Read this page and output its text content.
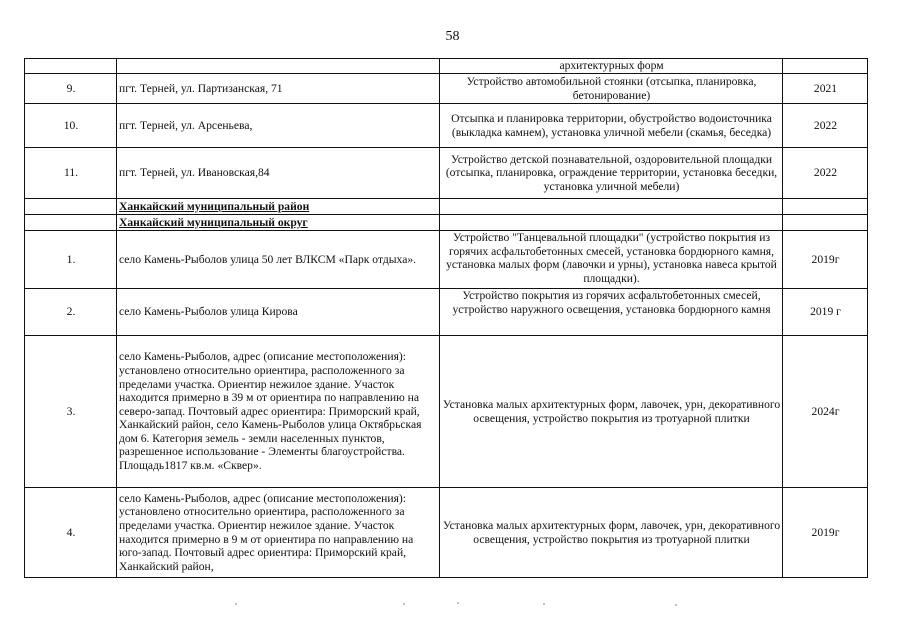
58
		архитектурных форм	
9.	пгт. Терней, ул. Партизанская, 71	Устройство автомобильной стоянки (отсыпка, планировка, бетонирование)	2021
10.	пгт. Терней, ул. Арсеньева,	Отсыпка и планировка территории, обустройство водоисточника (выкладка камнем), установка уличной мебели (скамья, беседка)	2022
11.	пгт. Терней, ул. Ивановская,84	Устройство детской познавательной, оздоровительной площадки (отсыпка, планировка, ограждение территории, установка беседки, установка уличной мебели)	2022
	Ханкайский муниципальный район		
	Ханкайский муниципальный округ		
1.	село Камень-Рыболов улица 50 лет ВЛКСМ «Парк отдыха».	Устройство "Танцевальной площадки" (устройство покрытия из горячих асфальтобетонных смесей, установка бордюрного камня, установка малых форм (лавочки и урны), установка навеса крытой площадки).	2019г
2.	село Камень-Рыболов улица Кирова	Устройство покрытия из горячих асфальтобетонных смесей, устройство наружного освещения, установка бордюрного камня	2019 г
3.	село Камень-Рыболов, адрес (описание местоположения): установлено относительно ориентира, расположенного за пределами участка. Ориентир нежилое здание. Участок находится примерно в 39 м от ориентира по направлению на северо-запад. Почтовый адрес ориентира: Приморский край, Ханкайский район, село Камень-Рыболов улица Октябрьская дом 6. Категория земель - земли населенных пунктов, разрешенное использование - Элементы благоустройства. Площадь1817 кв.м. «Сквер».	Установка малых архитектурных форм, лавочек, урн, декоративного освещения, устройство покрытия из тротуарной плитки	2024г
4.	село Камень-Рыболов, адрес (описание местоположения): установлено относительно ориентира, расположенного за пределами участка. Ориентир нежилое здание. Участок находится примерно в 9 м от ориентира по направлению на юго-запад. Почтовый адрес ориентира: Приморский край, Ханкайский район,	Установка малых архитектурных форм, лавочек, урн, декоративного освещения, устройство покрытия из тротуарной плитки	2019г
